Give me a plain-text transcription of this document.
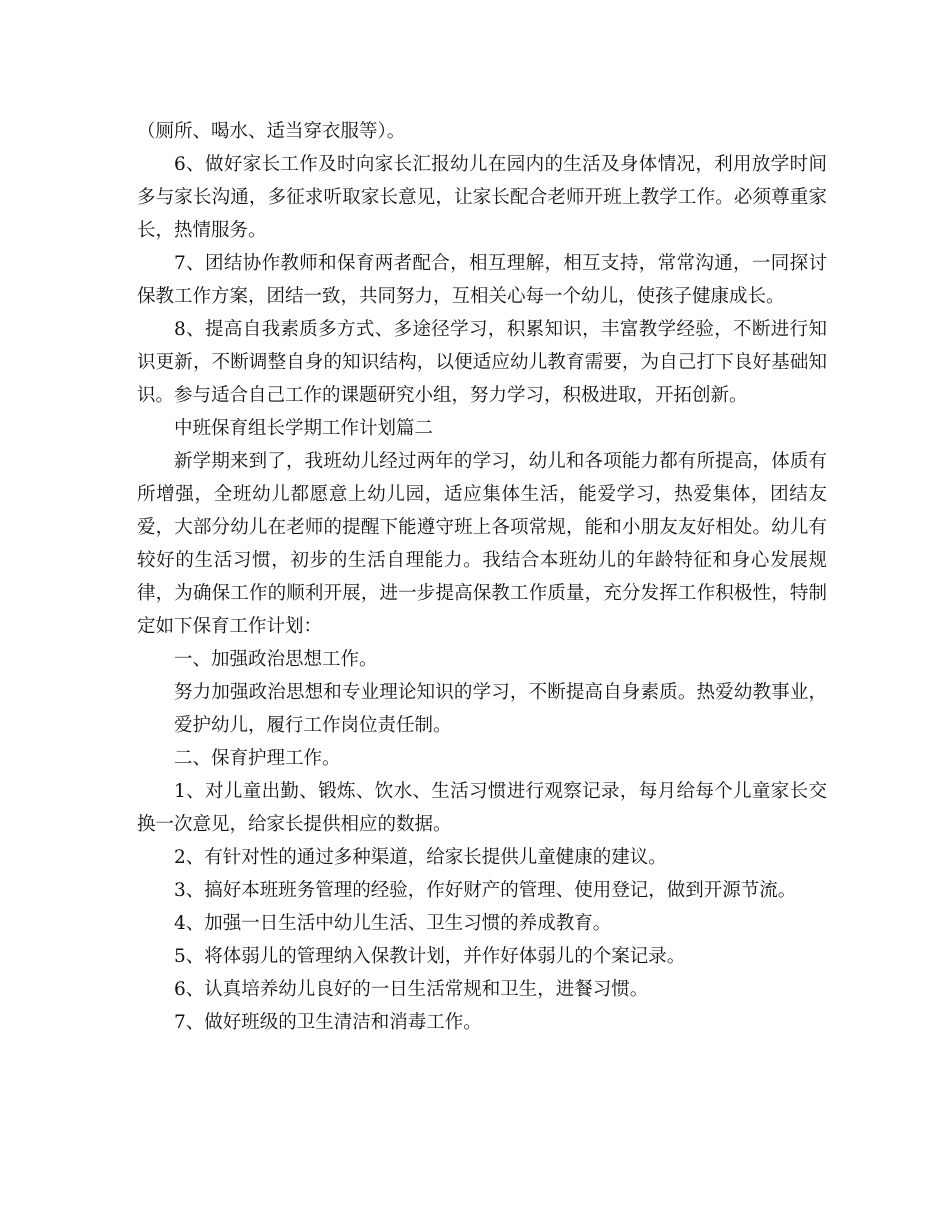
（厕所、喝水、适当穿衣服等）。

6、做好家长工作及时向家长汇报幼儿在园内的生活及身体情况，利用放学时间多与家长沟通，多征求听取家长意见，让家长配合老师开班上教学工作。必须尊重家长，热情服务。

7、团结协作教师和保育两者配合，相互理解，相互支持，常常沟通，一同探讨保教工作方案，团结一致，共同努力，互相关心每一个幼儿，使孩子健康成长。

8、提高自我素质多方式、多途径学习，积累知识，丰富教学经验，不断进行知识更新，不断调整自身的知识结构，以便适应幼儿教育需要，为自己打下良好基础知识。参与适合自己工作的课题研究小组，努力学习，积极进取，开拓创新。

中班保育组长学期工作计划篇二

新学期来到了，我班幼儿经过两年的学习，幼儿和各项能力都有所提高，体质有所增强，全班幼儿都愿意上幼儿园，适应集体生活，能爱学习，热爱集体，团结友爱，大部分幼儿在老师的提醒下能遵守班上各项常规，能和小朋友友好相处。幼儿有较好的生活习惯，初步的生活自理能力。我结合本班幼儿的年龄特征和身心发展规律，为确保工作的顺利开展，进一步提高保教工作质量，充分发挥工作积极性，特制定如下保育工作计划：

一、加强政治思想工作。

努力加强政治思想和专业理论知识的学习，不断提高自身素质。热爱幼教事业，爱护幼儿，履行工作岗位责任制。

二、保育护理工作。

1、对儿童出勤、锻炼、饮水、生活习惯进行观察记录，每月给每个儿童家长交换一次意见，给家长提供相应的数据。

2、有针对性的通过多种渠道，给家长提供儿童健康的建议。

3、搞好本班班务管理的经验，作好财产的管理、使用登记，做到开源节流。

4、加强一日生活中幼儿生活、卫生习惯的养成教育。

5、将体弱儿的管理纳入保教计划，并作好体弱儿的个案记录。

6、认真培养幼儿良好的一日生活常规和卫生，进餐习惯。

7、做好班级的卫生清洁和消毒工作。
